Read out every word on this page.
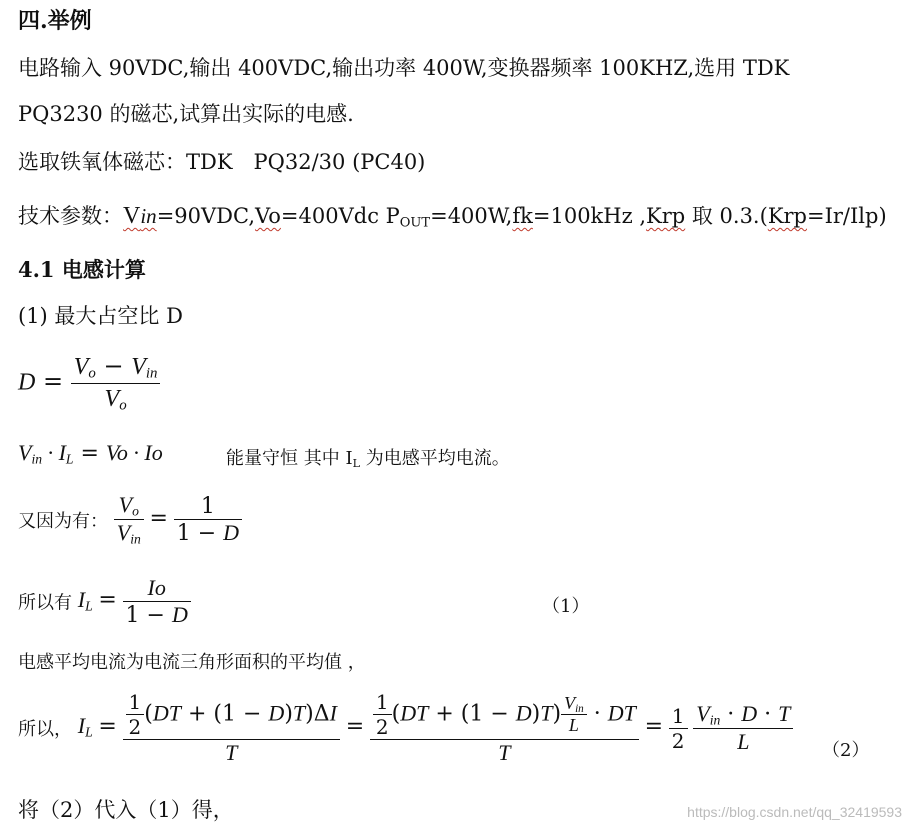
四.举例
电路输入 90VDC,输出 400VDC,输出功率 400W,变换器频率 100KHZ,选用 TDK
PQ3230 的磁芯,试算出实际的电感.
选取铁氧体磁芯：TDK　PQ32/30 (PC40)
技术参数：Vin=90VDC,Vo=400Vdc $P_{OUT}=400W,fk=100kHz$ ,Krp 取 0.3.(Krp=Ir/Ilp)
4.1 电感计算
(1) 最大占空比 D
$D = \frac{V_o - V_{in}}{V_o}$
$V_{in} \cdot I_L = Vo \cdot Io$	能量守恒 其中 $I_L$ 为电感平均电流。
又因为有： $\frac{V_o}{V_{in}} = \frac{1}{1 - D}$
所以有 $I_L = \frac{Io}{1 - D}$	（1）
电感平均电流为电流三角形面积的平均值 ，
所以， $I_L = \frac{\frac{1}{2} (DT + (1 - D)T)\Delta I}{T} = \frac{\frac{1}{2} (DT + (1 - D)T) \frac{V_{in}}{L} \cdot DT}{T} = \frac{1}{2}$
$\frac{V_{in} \cdot D \cdot T}{L} (2)$
将（2）代入（1）得，	https://blog.csdn.net/qq_32419593
